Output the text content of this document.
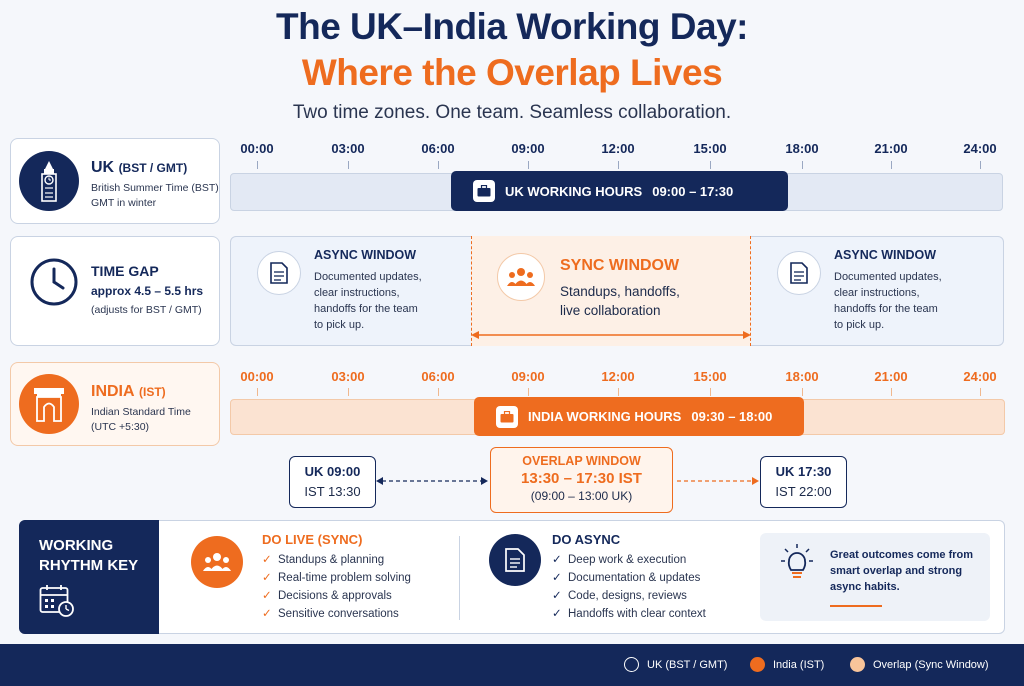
The UK–India Working Day:
Where the Overlap Lives
Two time zones. One team. Seamless collaboration.
UK (BST / GMT)
British Summer Time (BST)
GMT in winter
00:00	03:00	06:00	09:00	12:00	15:00	18:00	21:00	24:00
UK WORKING HOURS 09:00 – 17:30
TIME GAP
approx 4.5 – 5.5 hrs
(adjusts for BST / GMT)
ASYNC WINDOW
Documented updates,
clear instructions,
handoffs for the team
to pick up.
SYNC WINDOW
Standups, handoffs,
live collaboration
ASYNC WINDOW
Documented updates,
clear instructions,
handoffs for the team
to pick up.
INDIA (IST)
Indian Standard Time
(UTC +5:30)
00:00	03:00	06:00	09:00	12:00	15:00	18:00	21:00	24:00
INDIA WORKING HOURS 09:30 – 18:00
UK 09:00
IST 13:30
OVERLAP WINDOW
13:30 – 17:30 IST
(09:00 – 13:00 UK)
UK 17:30
IST 22:00
WORKING
RHYTHM KEY
DO LIVE (SYNC)
✓ Standups & planning
✓ Real-time problem solving
✓ Decisions & approvals
✓ Sensitive conversations
DO ASYNC
✓ Deep work & execution
✓ Documentation & updates
✓ Code, designs, reviews
✓ Handoffs with clear context
Great outcomes come from smart overlap and strong async habits.
UK (BST / GMT)	India (IST)	Overlap (Sync Window)
